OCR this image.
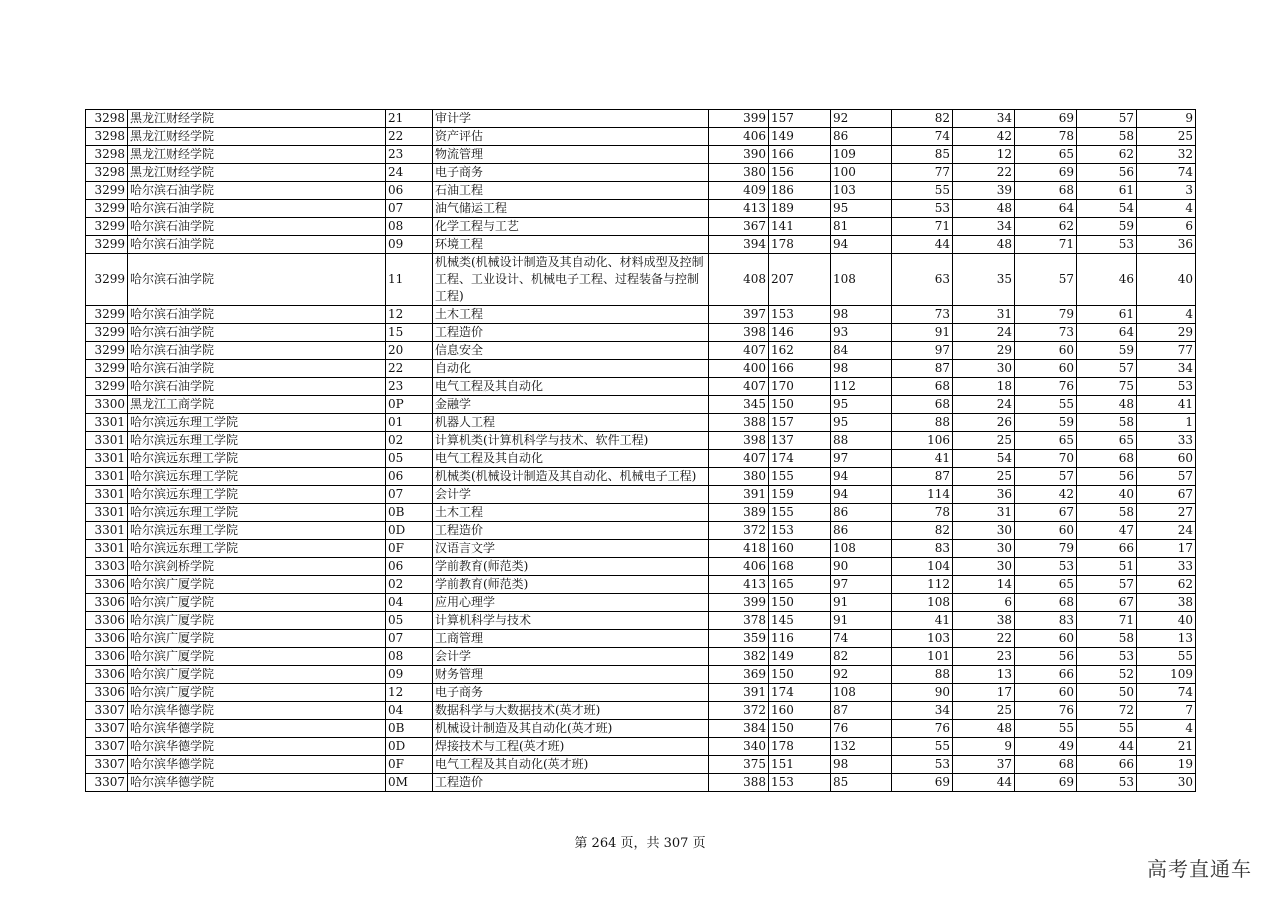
3298	黑龙江财经学院	21	审计学	399	157	92	82	34	69	57	9
3298	黑龙江财经学院	22	资产评估	406	149	86	74	42	78	58	25
3298	黑龙江财经学院	23	物流管理	390	166	109	85	12	65	62	32
3298	黑龙江财经学院	24	电子商务	380	156	100	77	22	69	56	74
3299	哈尔滨石油学院	06	石油工程	409	186	103	55	39	68	61	3
3299	哈尔滨石油学院	07	油气储运工程	413	189	95	53	48	64	54	4
3299	哈尔滨石油学院	08	化学工程与工艺	367	141	81	71	34	62	59	6
3299	哈尔滨石油学院	09	环境工程	394	178	94	44	48	71	53	36
3299	哈尔滨石油学院	11	机械类(机械设计制造及其自动化、材料成型及控制工程、工业设计、机械电子工程、过程装备与控制工程)	408	207	108	63	35	57	46	40
3299	哈尔滨石油学院	12	土木工程	397	153	98	73	31	79	61	4
3299	哈尔滨石油学院	15	工程造价	398	146	93	91	24	73	64	29
3299	哈尔滨石油学院	20	信息安全	407	162	84	97	29	60	59	77
3299	哈尔滨石油学院	22	自动化	400	166	98	87	30	60	57	34
3299	哈尔滨石油学院	23	电气工程及其自动化	407	170	112	68	18	76	75	53
3300	黑龙江工商学院	0P	金融学	345	150	95	68	24	55	48	41
3301	哈尔滨远东理工学院	01	机器人工程	388	157	95	88	26	59	58	1
3301	哈尔滨远东理工学院	02	计算机类(计算机科学与技术、软件工程)	398	137	88	106	25	65	65	33
3301	哈尔滨远东理工学院	05	电气工程及其自动化	407	174	97	41	54	70	68	60
3301	哈尔滨远东理工学院	06	机械类(机械设计制造及其自动化、机械电子工程)	380	155	94	87	25	57	56	57
3301	哈尔滨远东理工学院	07	会计学	391	159	94	114	36	42	40	67
3301	哈尔滨远东理工学院	0B	土木工程	389	155	86	78	31	67	58	27
3301	哈尔滨远东理工学院	0D	工程造价	372	153	86	82	30	60	47	24
3301	哈尔滨远东理工学院	0F	汉语言文学	418	160	108	83	30	79	66	17
3303	哈尔滨剑桥学院	06	学前教育(师范类)	406	168	90	104	30	53	51	33
3306	哈尔滨广厦学院	02	学前教育(师范类)	413	165	97	112	14	65	57	62
3306	哈尔滨广厦学院	04	应用心理学	399	150	91	108	6	68	67	38
3306	哈尔滨广厦学院	05	计算机科学与技术	378	145	91	41	38	83	71	40
3306	哈尔滨广厦学院	07	工商管理	359	116	74	103	22	60	58	13
3306	哈尔滨广厦学院	08	会计学	382	149	82	101	23	56	53	55
3306	哈尔滨广厦学院	09	财务管理	369	150	92	88	13	66	52	109
3306	哈尔滨广厦学院	12	电子商务	391	174	108	90	17	60	50	74
3307	哈尔滨华德学院	04	数据科学与大数据技术(英才班)	372	160	87	34	25	76	72	7
3307	哈尔滨华德学院	0B	机械设计制造及其自动化(英才班)	384	150	76	76	48	55	55	4
3307	哈尔滨华德学院	0D	焊接技术与工程(英才班)	340	178	132	55	9	49	44	21
3307	哈尔滨华德学院	0F	电气工程及其自动化(英才班)	375	151	98	53	37	68	66	19
3307	哈尔滨华德学院	0M	工程造价	388	153	85	69	44	69	53	30
第 264 页，共 307 页
高考直通车
